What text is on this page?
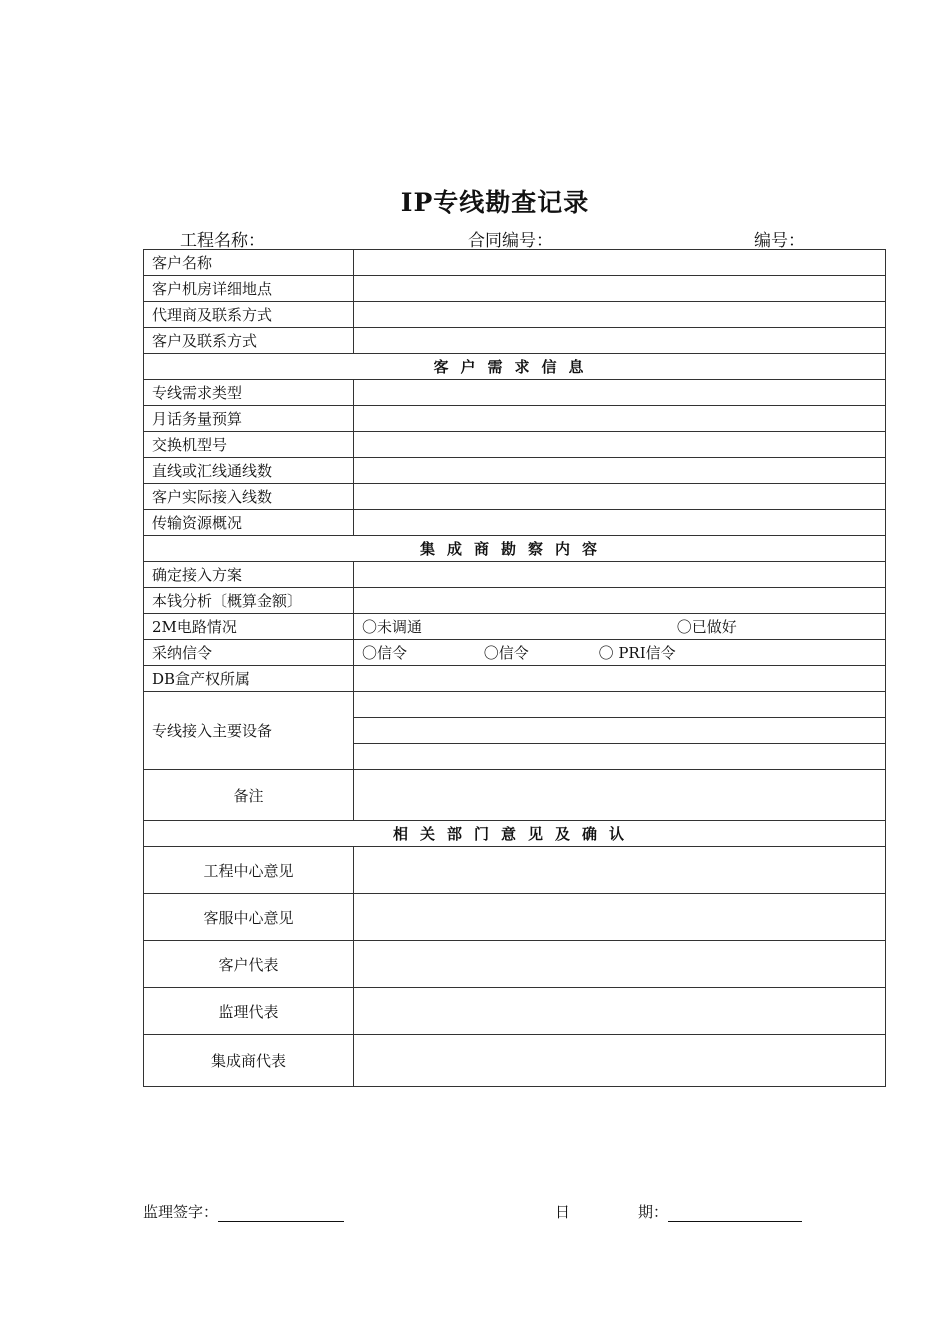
IP专线勘查记录
工程名称：	合同编号：	编号：
客户名称	
客户机房详细地点	
代理商及联系方式	
客户及联系方式	
客户需求信息	
专线需求类型	
月话务量预算	
交换机型号	
直线或汇线通线数	
客户实际接入线数	
传输资源概况	
集成商勘察内容	
确定接入方案	
本钱分析〔概算金额〕	
2M电路情况	〇未调通 〇已做好
采纳信令	〇信令 〇信令 〇 PRI信令
DB盒产权所属	
专线接入主要设备	

备注	
相关部门意见及确认	
工程中心意见	
客服中心意见	
客户代表	
监理代表	
集成商代表	
监理签字：	日	期：
